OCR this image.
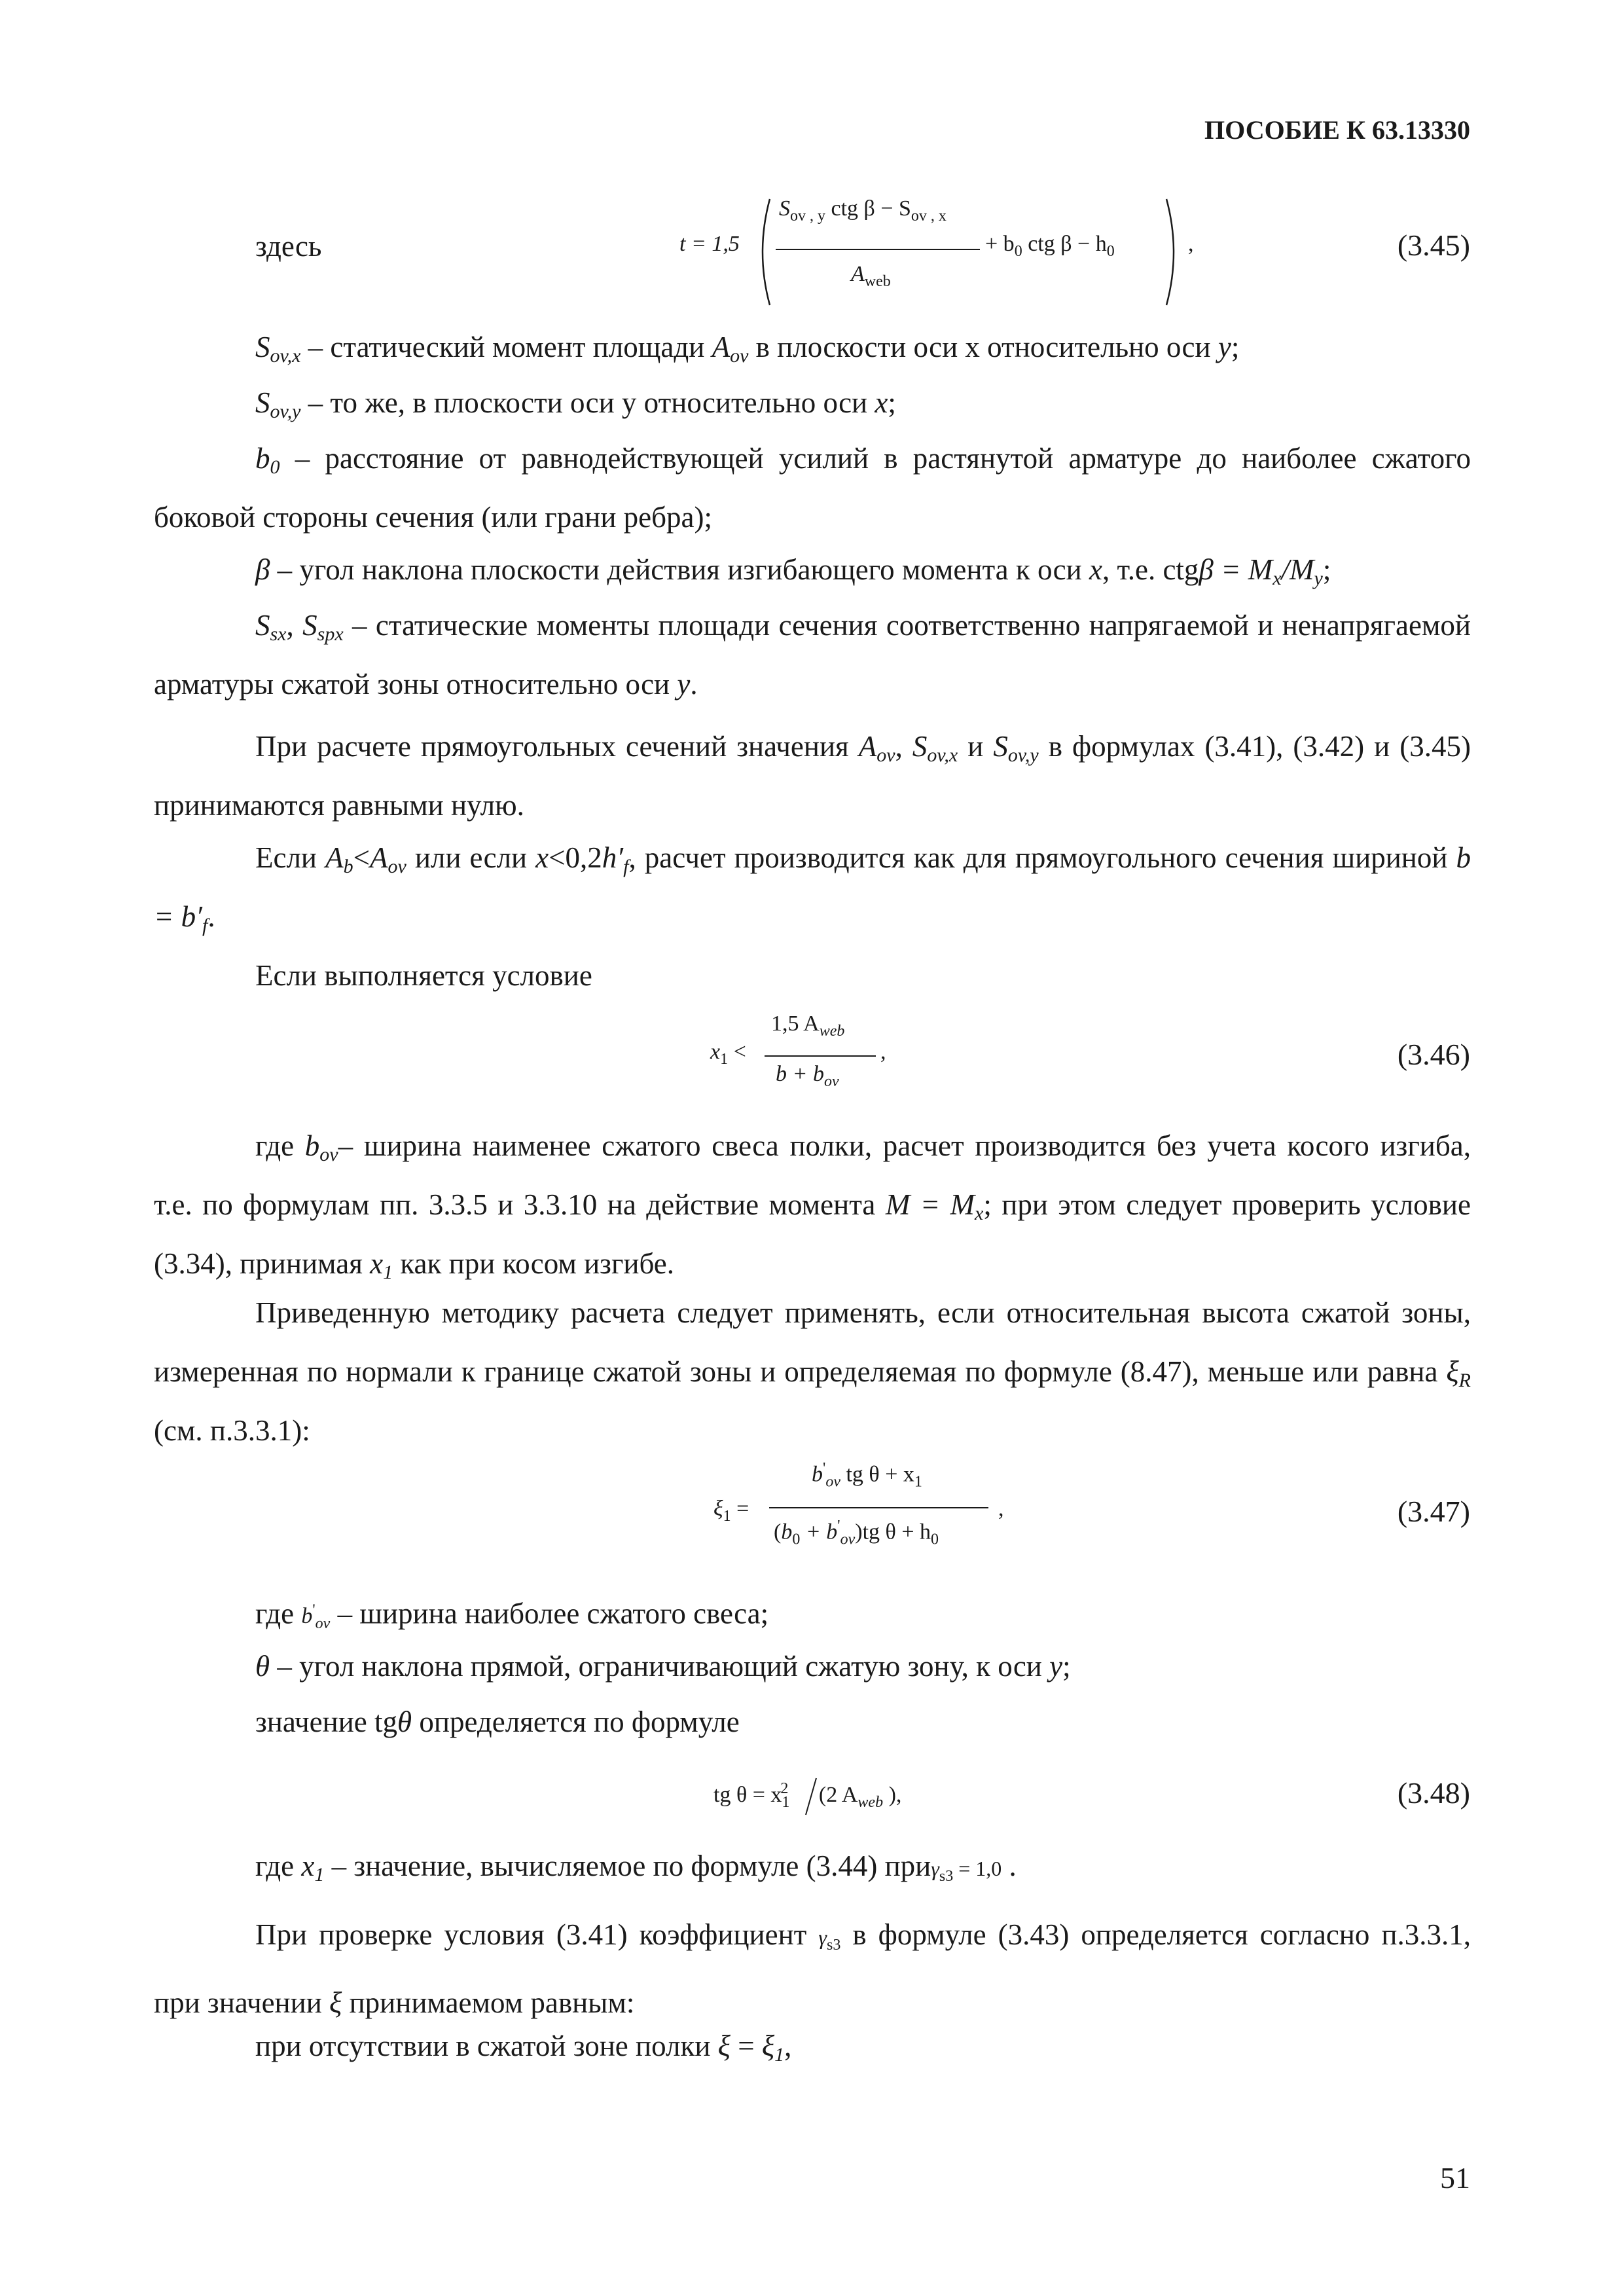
ПОСОБИЕ К 63.13330
здесь	t = 1,5
$S_{ov , y}$ ctg $\beta - S_{ov , x}$
$A_{web}$
+ $b_0$ ctg $\beta - h_0$	,	(3.45)
$S_{ov,x}$ – статический момент площади $A_{ov}$ в плоскости оси х относительно оси y;
$S_{ov,y}$ – то же, в плоскости оси у относительно оси x;
$b_0$ – расстояние от равнодействующей усилий в растянутой арматуре до наиболее сжатого боковой стороны сечения (или грани ребра);
β – угол наклона плоскости действия изгибающего момента к оси x, т.е. $ctg\beta = M_x/M_y$;
$S_{sx}$, $S_{spx}$ – статические моменты площади сечения соответственно напрягаемой и ненапрягаемой арматуры сжатой зоны относительно оси y.
При расчете прямоугольных сечений значения $A_{ov}$, $S_{ov,x}$ и $S_{ov,y}$ в формулах (3.41), (3.42) и (3.45) принимаются равными нулю.
Если $A_b<A_{ov}$ или если $x<0,2h'_f$, расчет производится как для прямоугольного сечения шириной $b = b'_f$.
Если выполняется условие
$x_1$ <
1,5 $A_{web}$
$b + b_{ov}$
,	(3.46)
где $b_{ov}-$ ширина наименее сжатого свеса полки, расчет производится без учета косого изгиба, т.е. по формулам пп. 3.3.5 и 3.3.10 на действие момента $M = M_x$; при этом следует проверить условие (3.34), принимая $x_1$ как при косом изгибе.
Приведенную методику расчета следует применять, если относительная высота сжатой зоны, измеренная по нормали к границе сжатой зоны и определяемая по формуле (8.47), меньше или равна $\xi_R$ (см. п.3.3.1):
$\xi_1$ =
$b'_{ov}$ tg $\theta + x_1$
$(b_0 + b'_{ov})tg$ $\theta + h_0$
,	(3.47)
где $b'_{ov}$ – ширина наиболее сжатого свеса;
θ – угол наклона прямой, ограничивающий сжатую зону, к оси y;
значение tgθ определяется по формуле
tg $\theta = x_1^2$ (2 $A_{web}$ ),	(3.48)
где $x_1$ – значение, вычисляемое по формуле (3.44) приγ$_{s3}$ = 1,0 .
При проверке условия (3.41) коэффициент $\gamma_{s3}$ в формуле (3.43) определяется согласно п.3.3.1, при значении ξ принимаемом равным:
при отсутствии в сжатой зоне полки $\xi = \xi_1$,
51
